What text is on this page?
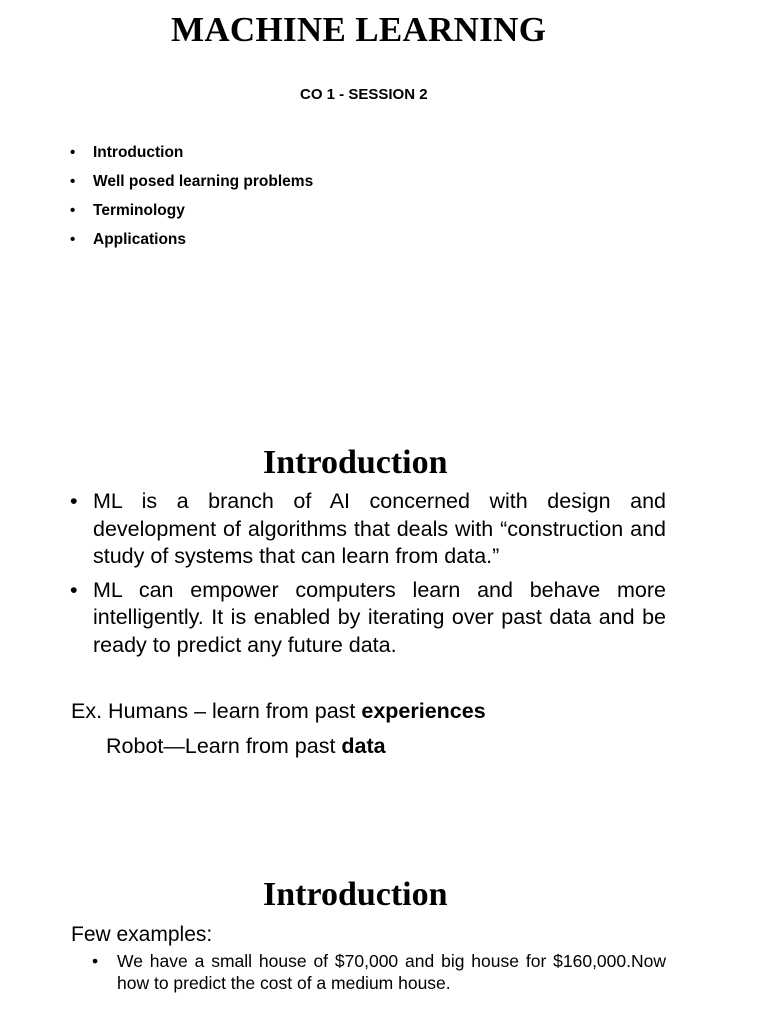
MACHINE LEARNING
CO 1 - SESSION 2
• Introduction
• Well posed learning problems
• Terminology
• Applications
Introduction
• ML is a branch of AI concerned with design and development of algorithms that deals with “construction and study of systems that can learn from data.”
• ML can empower computers learn and behave more intelligently. It is enabled by iterating over past data and be ready to predict any future data.
Ex. Humans – learn from past experiences
Robot—Learn from past data
Introduction
Few examples:
• We have a small house of $70,000 and big house for $160,000.Now how to predict the cost of a medium house.
